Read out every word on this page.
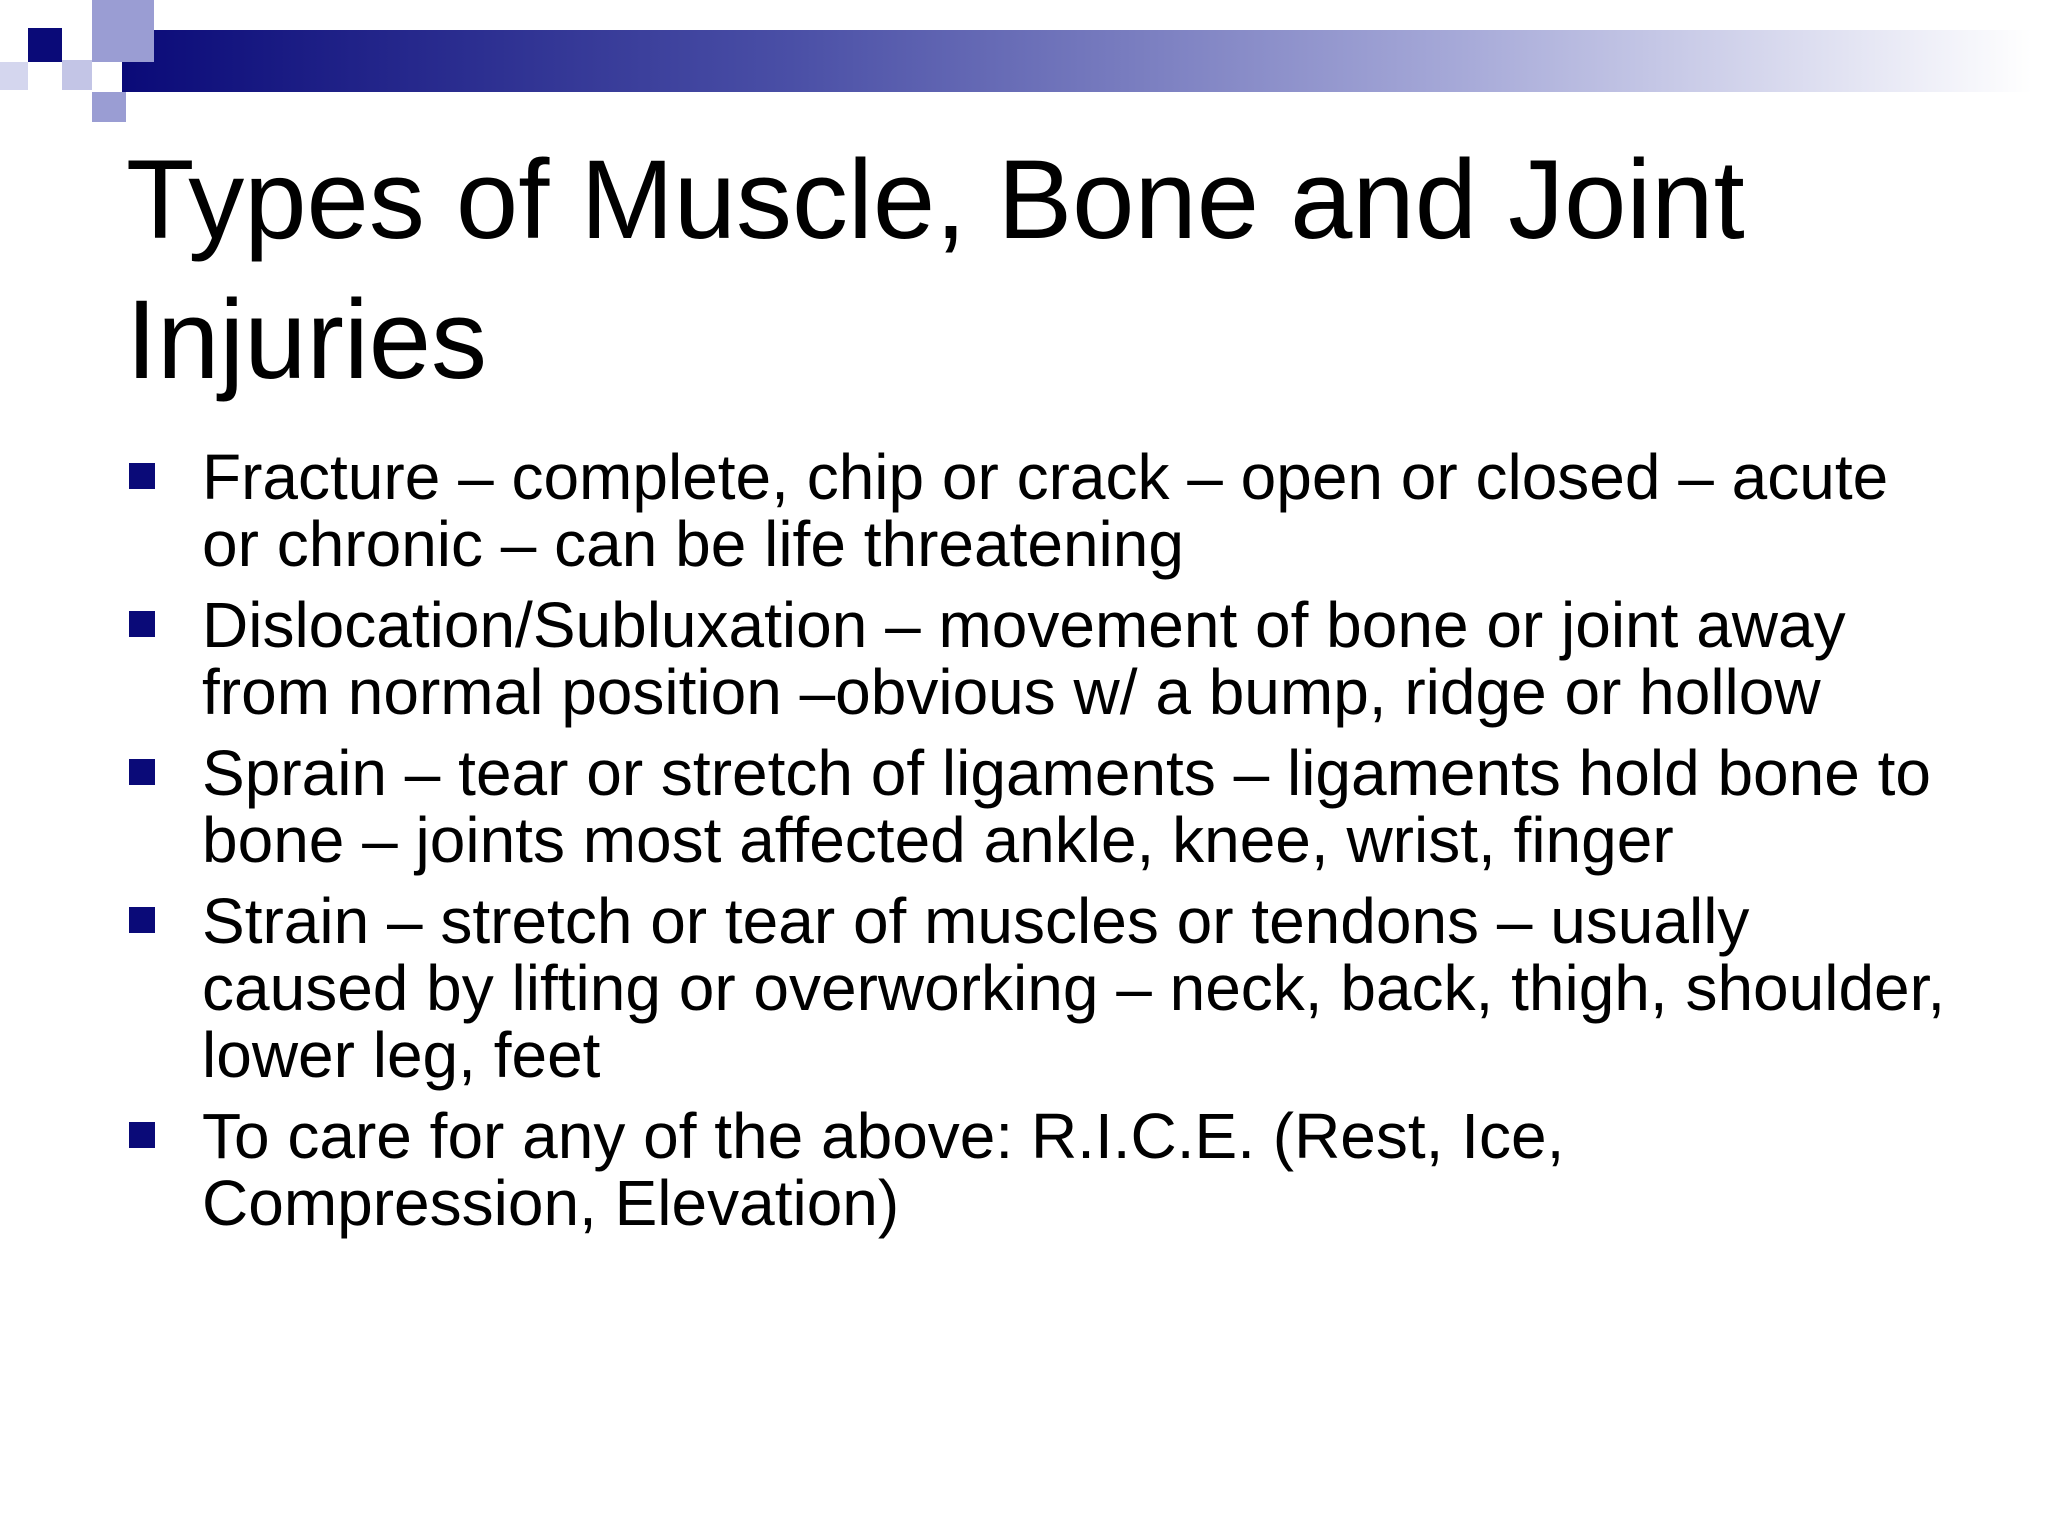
Types of Muscle, Bone and Joint Injuries
Fracture – complete, chip or crack – open or closed – acute or chronic – can be life threatening
Dislocation/Subluxation – movement of bone or joint away from normal position –obvious w/ a bump, ridge or hollow
Sprain – tear or stretch of ligaments – ligaments hold bone to bone – joints most affected ankle, knee, wrist, finger
Strain – stretch or tear of muscles or tendons – usually caused by lifting or overworking – neck, back, thigh, shoulder, lower leg, feet
To care for any of the above: R.I.C.E. (Rest, Ice, Compression, Elevation)
